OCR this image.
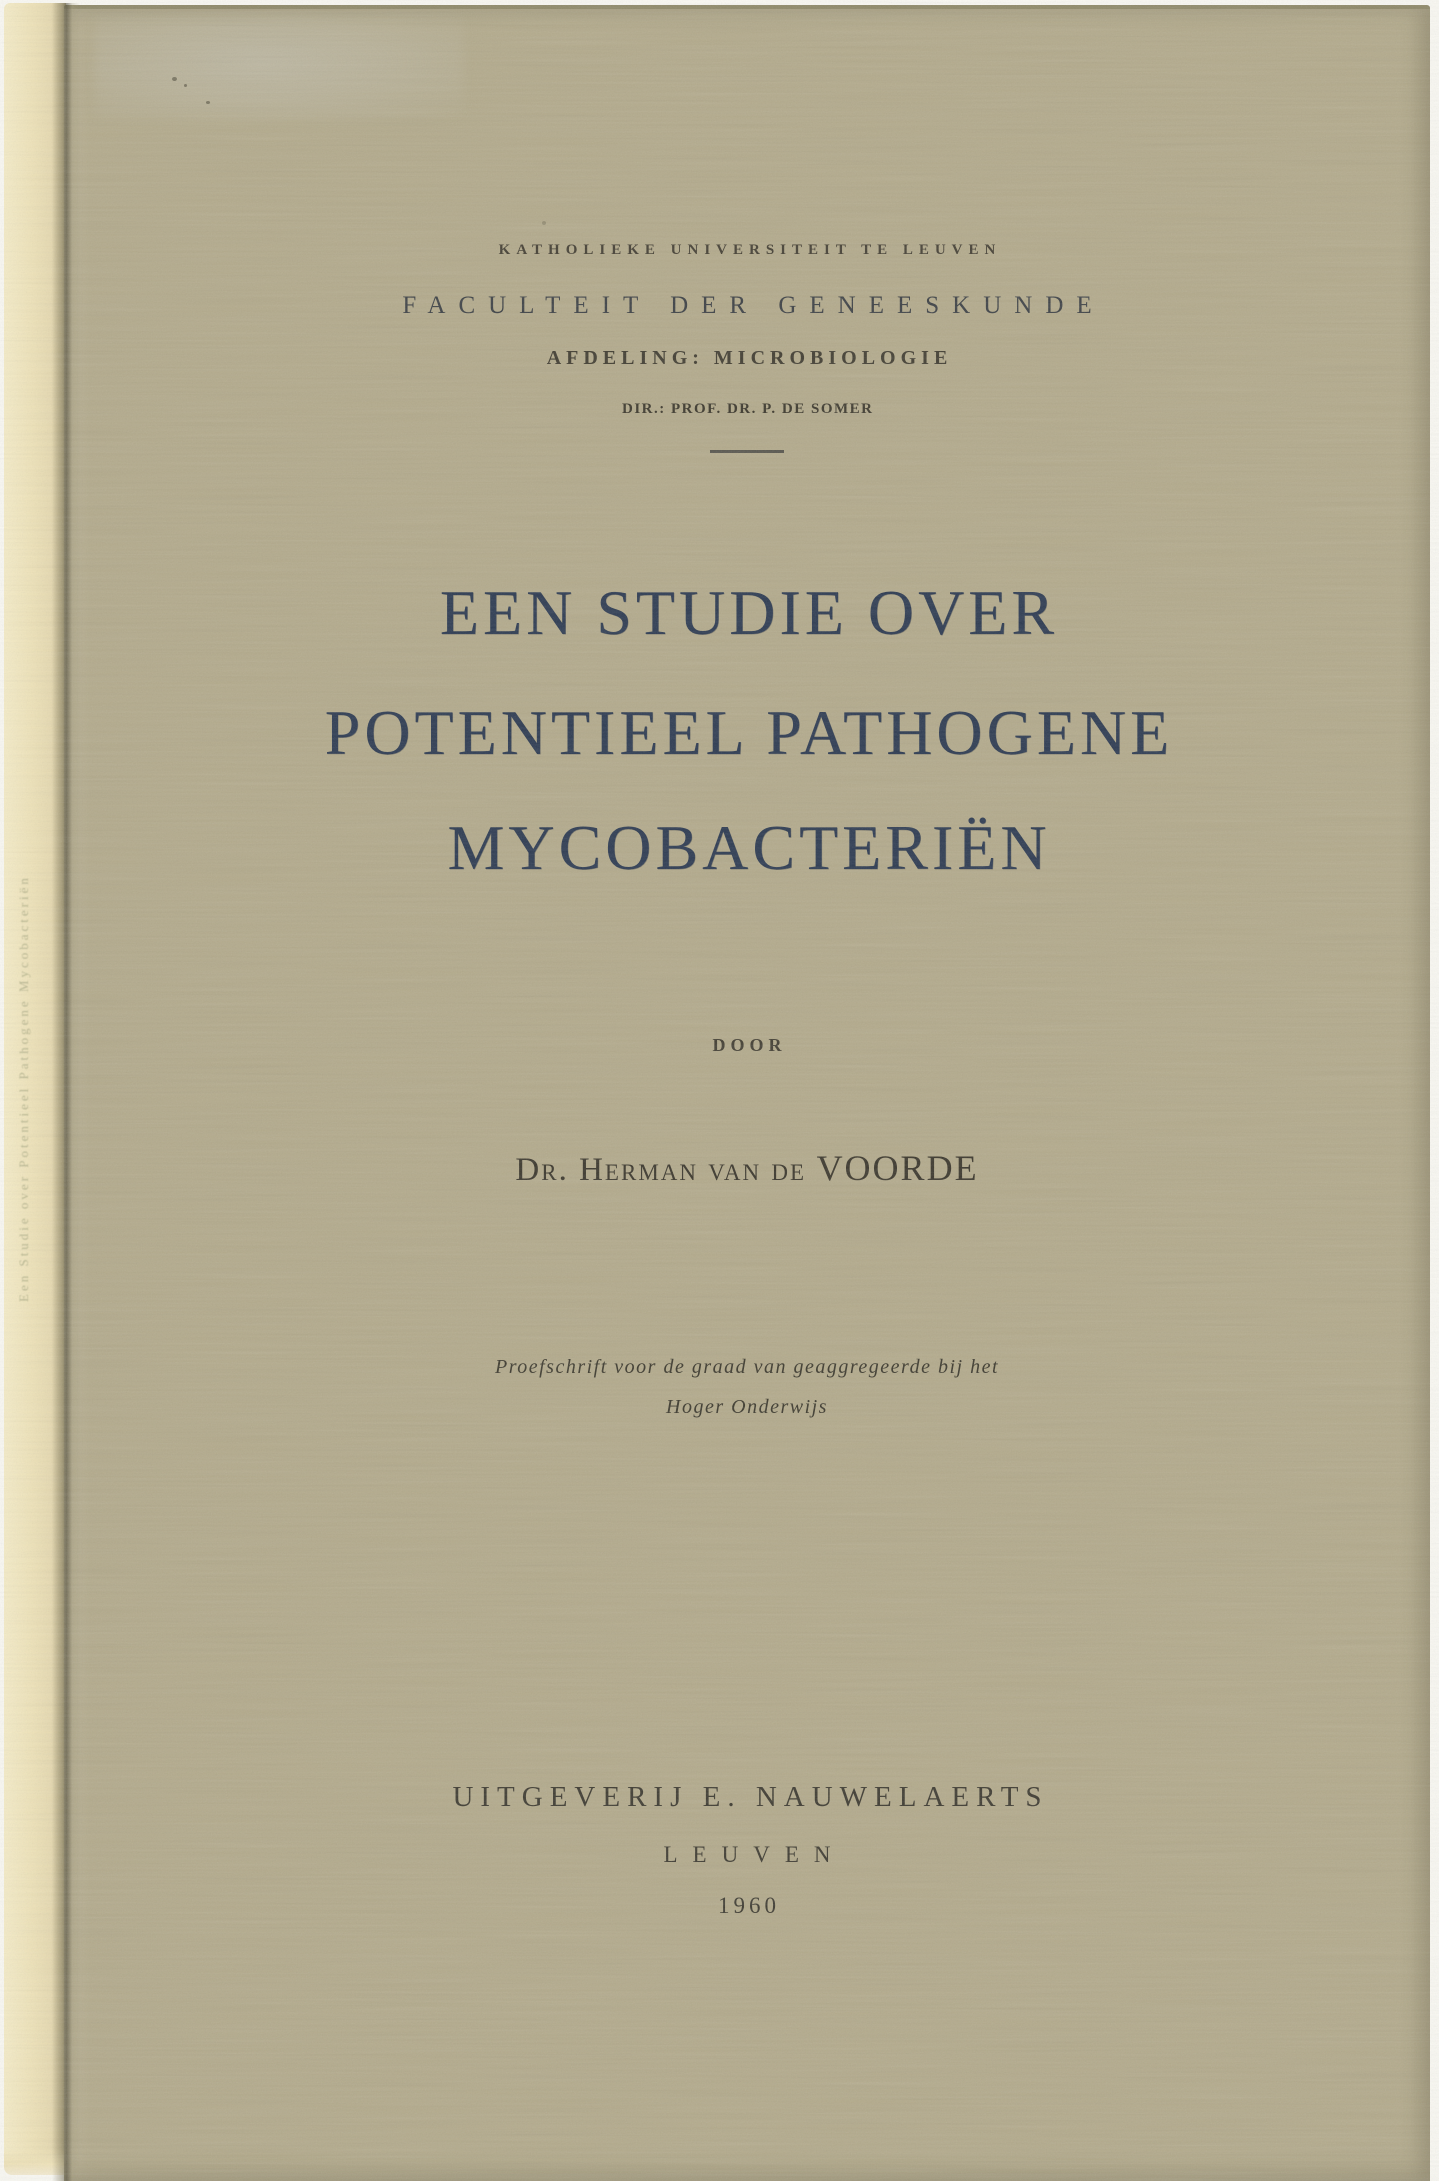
Een Studie over Potentieel Pathogene Mycobacteriën
KATHOLIEKE UNIVERSITEIT TE LEUVEN
FACULTEIT DER GENEESKUNDE
AFDELING: MICROBIOLOGIE
DIR.: PROF. DR. P. DE SOMER
EEN STUDIE OVER
POTENTIEEL PATHOGENE
MYCOBACTERIËN
DOOR
Dr. Herman van de VOORDE
Proefschrift voor de graad van geaggregeerde bij het
Hoger Onderwijs
UITGEVERIJ E. NAUWELAERTS
LEUVEN
1960
